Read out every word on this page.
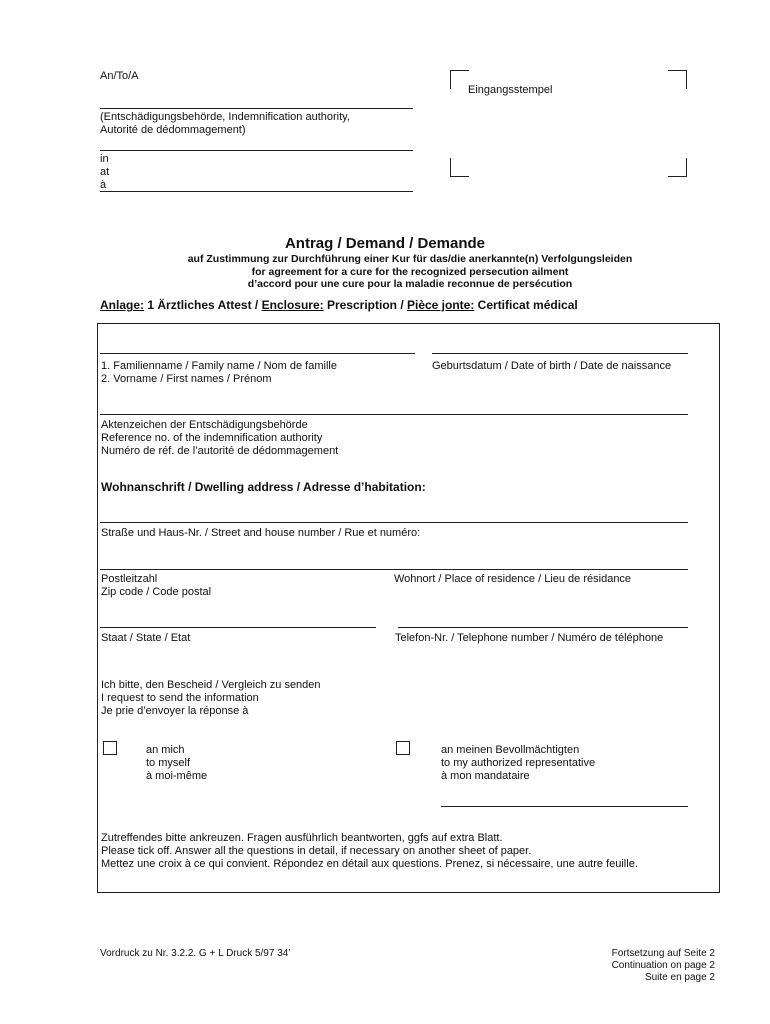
An/To/A
(Entschädigungsbehörde, Indemnification authority,
Autorité de dédommagement)
in
at
à
Eingangsstempel
Antrag / Demand / Demande
auf Zustimmung zur Durchführung einer Kur für das/die anerkannte(n) Verfolgungsleiden
for agreement for a cure for the recognized persecution ailment
d’accord pour une cure pour la maladie reconnue de persécution
Anlage: 1 Ärztliches Attest / Enclosure: Prescription / Pièce jonte: Certificat médical
1. Familienname / Family name / Nom de famille
2. Vorname / First names / Prénom
Geburtsdatum / Date of birth / Date de naissance
Aktenzeichen der Entschädigungsbehörde
Reference no. of the indemnification authority
Numéro de réf. de l’autorité de dédommagement
Wohnanschrift / Dwelling address / Adresse d’habitation:
Straße und Haus-Nr. / Street and house number / Rue et numéro:
Postleitzahl
Zip code / Code postal
Wohnort / Place of residence / Lieu de résidance
Staat / State / Etat	Telefon-Nr. / Telephone number / Numéro de téléphone
Ich bitte, den Bescheid / Vergleich zu senden
I request to send the information
Je prie d’envoyer la réponse à
an mich
to myself
à moi-même
an meinen Bevollmächtigten
to my authorized representative
à mon mandataire
Zutreffendes bitte ankreuzen. Fragen ausführlich beantworten, ggfs auf extra Blatt.
Please tick off. Answer all the questions in detail, if necessary on another sheet of paper.
Mettez une croix à ce qui convient. Répondez en détail aux questions. Prenez, si nécessaire, une autre feuille.
Vordruck zu Nr. 3.2.2. G + L Druck 5/97 34’	Fortsetzung auf Seite 2
Continuation on page 2
Suite en page 2
